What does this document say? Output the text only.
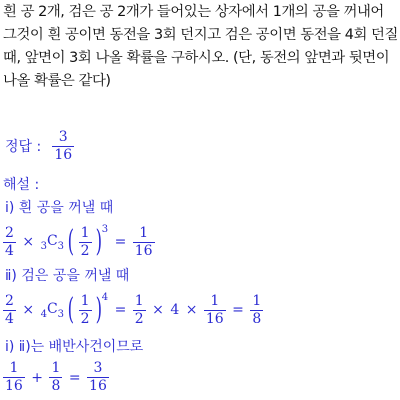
흰 공 2개, 검은 공 2개가 들어있는 상자에서 1개의 공을 꺼내어
그것이 흰 공이면 동전을 3회 던지고 검은 공이면 동전을 4회 던질
때, 앞면이 3회 나올 확률을 구하시오. (단, 동전의 앞면과 뒷면이
나올 확률은 같다)
정답 : $\frac{3}{16}$
해설 :
ⅰ) 흰 공을 꺼낼 때
$\frac{2}{4} \times _3C_3$ ( $\frac{1}{2} )^3 = \frac{1}{16}$
ⅱ) 검은 공을 꺼낼 때
$\frac{2}{4} \times _4C_3$ ( $\frac{1}{2} )^4 = \frac{1}{2} \times 4 \times \frac{1}{16} = \frac{1}{8}$
ⅰ) ⅱ)는 배반사건이므로
$\frac{1}{16} + \frac{1}{8} = \frac{3}{16}$
